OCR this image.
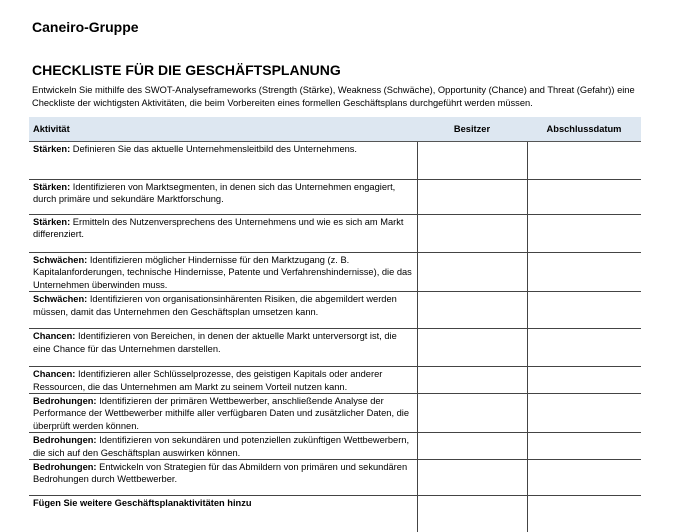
Caneiro-Gruppe
CHECKLISTE FÜR DIE GESCHÄFTSPLANUNG
Entwickeln Sie mithilfe des SWOT-Analyseframeworks (Strength (Stärke), Weakness (Schwäche), Opportunity (Chance) and Threat (Gefahr)) eine Checkliste der wichtigsten Aktivitäten, die beim Vorbereiten eines formellen Geschäftsplans durchgeführt werden müssen.
Aktivität	Besitzer	Abschlussdatum
Stärken: Definieren Sie das aktuelle Unternehmensleitbild des Unternehmens.		
Stärken: Identifizieren von Marktsegmenten, in denen sich das Unternehmen engagiert, durch primäre und sekundäre Marktforschung.		
Stärken: Ermitteln des Nutzenversprechens des Unternehmens und wie es sich am Markt differenziert.		
Schwächen: Identifizieren möglicher Hindernisse für den Marktzugang (z. B. Kapitalanforderungen, technische Hindernisse, Patente und Verfahrenshindernisse), die das Unternehmen überwinden muss.		
Schwächen: Identifizieren von organisationsinhärenten Risiken, die abgemildert werden müssen, damit das Unternehmen den Geschäftsplan umsetzen kann.		
Chancen: Identifizieren von Bereichen, in denen der aktuelle Markt unterversorgt ist, die eine Chance für das Unternehmen darstellen.		
Chancen: Identifizieren aller Schlüsselprozesse, des geistigen Kapitals oder anderer Ressourcen, die das Unternehmen am Markt zu seinem Vorteil nutzen kann.		
Bedrohungen: Identifizieren der primären Wettbewerber, anschließende Analyse der Performance der Wettbewerber mithilfe aller verfügbaren Daten und zusätzlicher Daten, die überprüft werden können.		
Bedrohungen: Identifizieren von sekundären und potenziellen zukünftigen Wettbewerbern, die sich auf den Geschäftsplan auswirken können.		
Bedrohungen: Entwickeln von Strategien für das Abmildern von primären und sekundären Bedrohungen durch Wettbewerber.		
Fügen Sie weitere Geschäftsplanaktivitäten hinzu		
